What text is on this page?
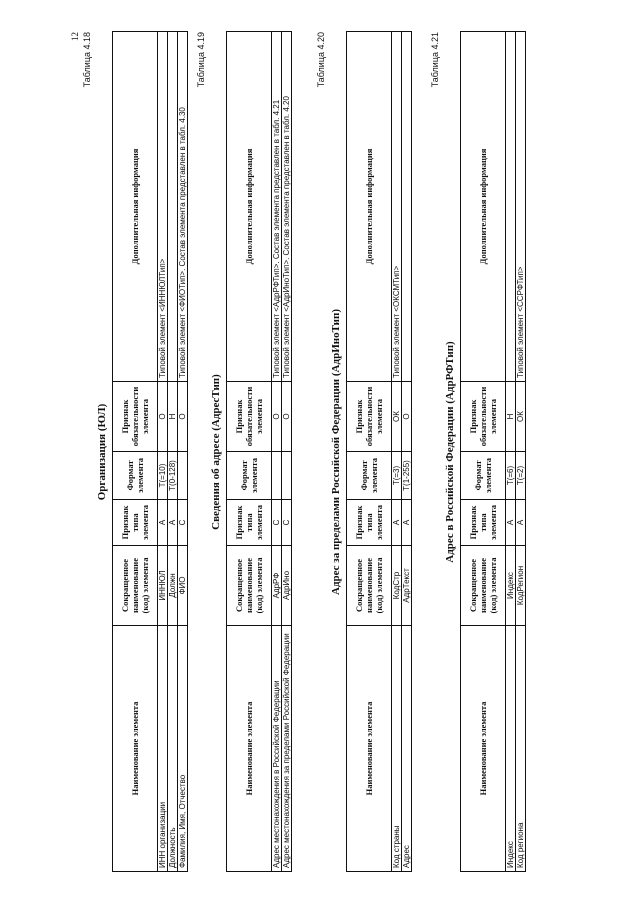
12 Таблица 4.18
Организация (ЮЛ)
Наименование элемента	Сокращенное наименование (код) элемента	Признак типа элемента	Формат элемента	Признак обязательности элемента	Дополнительная информация
ИНН организации	ИННЮЛ	А	T(=10)	О	Типовой элемент <ИННЮЛТип>
Должность	Должн	А	T(0-128)	Н	
Фамилия, Имя, Отчество	ФИО	С		О	Типовой элемент <ФИОТип>. Состав элемента представлен в табл. 4.30
Таблица 4.19
Сведения об адресе (АдресТип)
Наименование элемента	Сокращенное наименование (код) элемента	Признак типа элемента	Формат элемента	Признак обязательности элемента	Дополнительная информация
Адрес местонахождения в Российской Федерации	АдрРФ	С		О	Типовой элемент <АдрРФТип>. Состав элемента представлен в табл. 4.21
Адрес местонахождения за пределами Российской Федерации	АдрИно	С		О	Типовой элемент <АдрИноТип>. Состав элемента представлен в табл. 4.20
Таблица 4.20
Адрес за пределами Российской Федерации (АдрИноТип)
Наименование элемента	Сокращенное наименование (код) элемента	Признак типа элемента	Формат элемента	Признак обязательности элемента	Дополнительная информация
Код страны	КодСтр	А	T(=3)	ОК	Типовой элемент <ОКСМТип>
Адрес	АдрТекст	А	T(1-255)	О	
Таблица 4.21
Адрес в Российской Федерации (АдрРФТип)
Наименование элемента	Сокращенное наименование (код) элемента	Признак типа элемента	Формат элемента	Признак обязательности элемента	Дополнительная информация
Индекс	Индекс	А	T(=6)	Н	
Код региона	КодРегион	А	T(=2)	ОК	Типовой элемент <ССРФТип>
